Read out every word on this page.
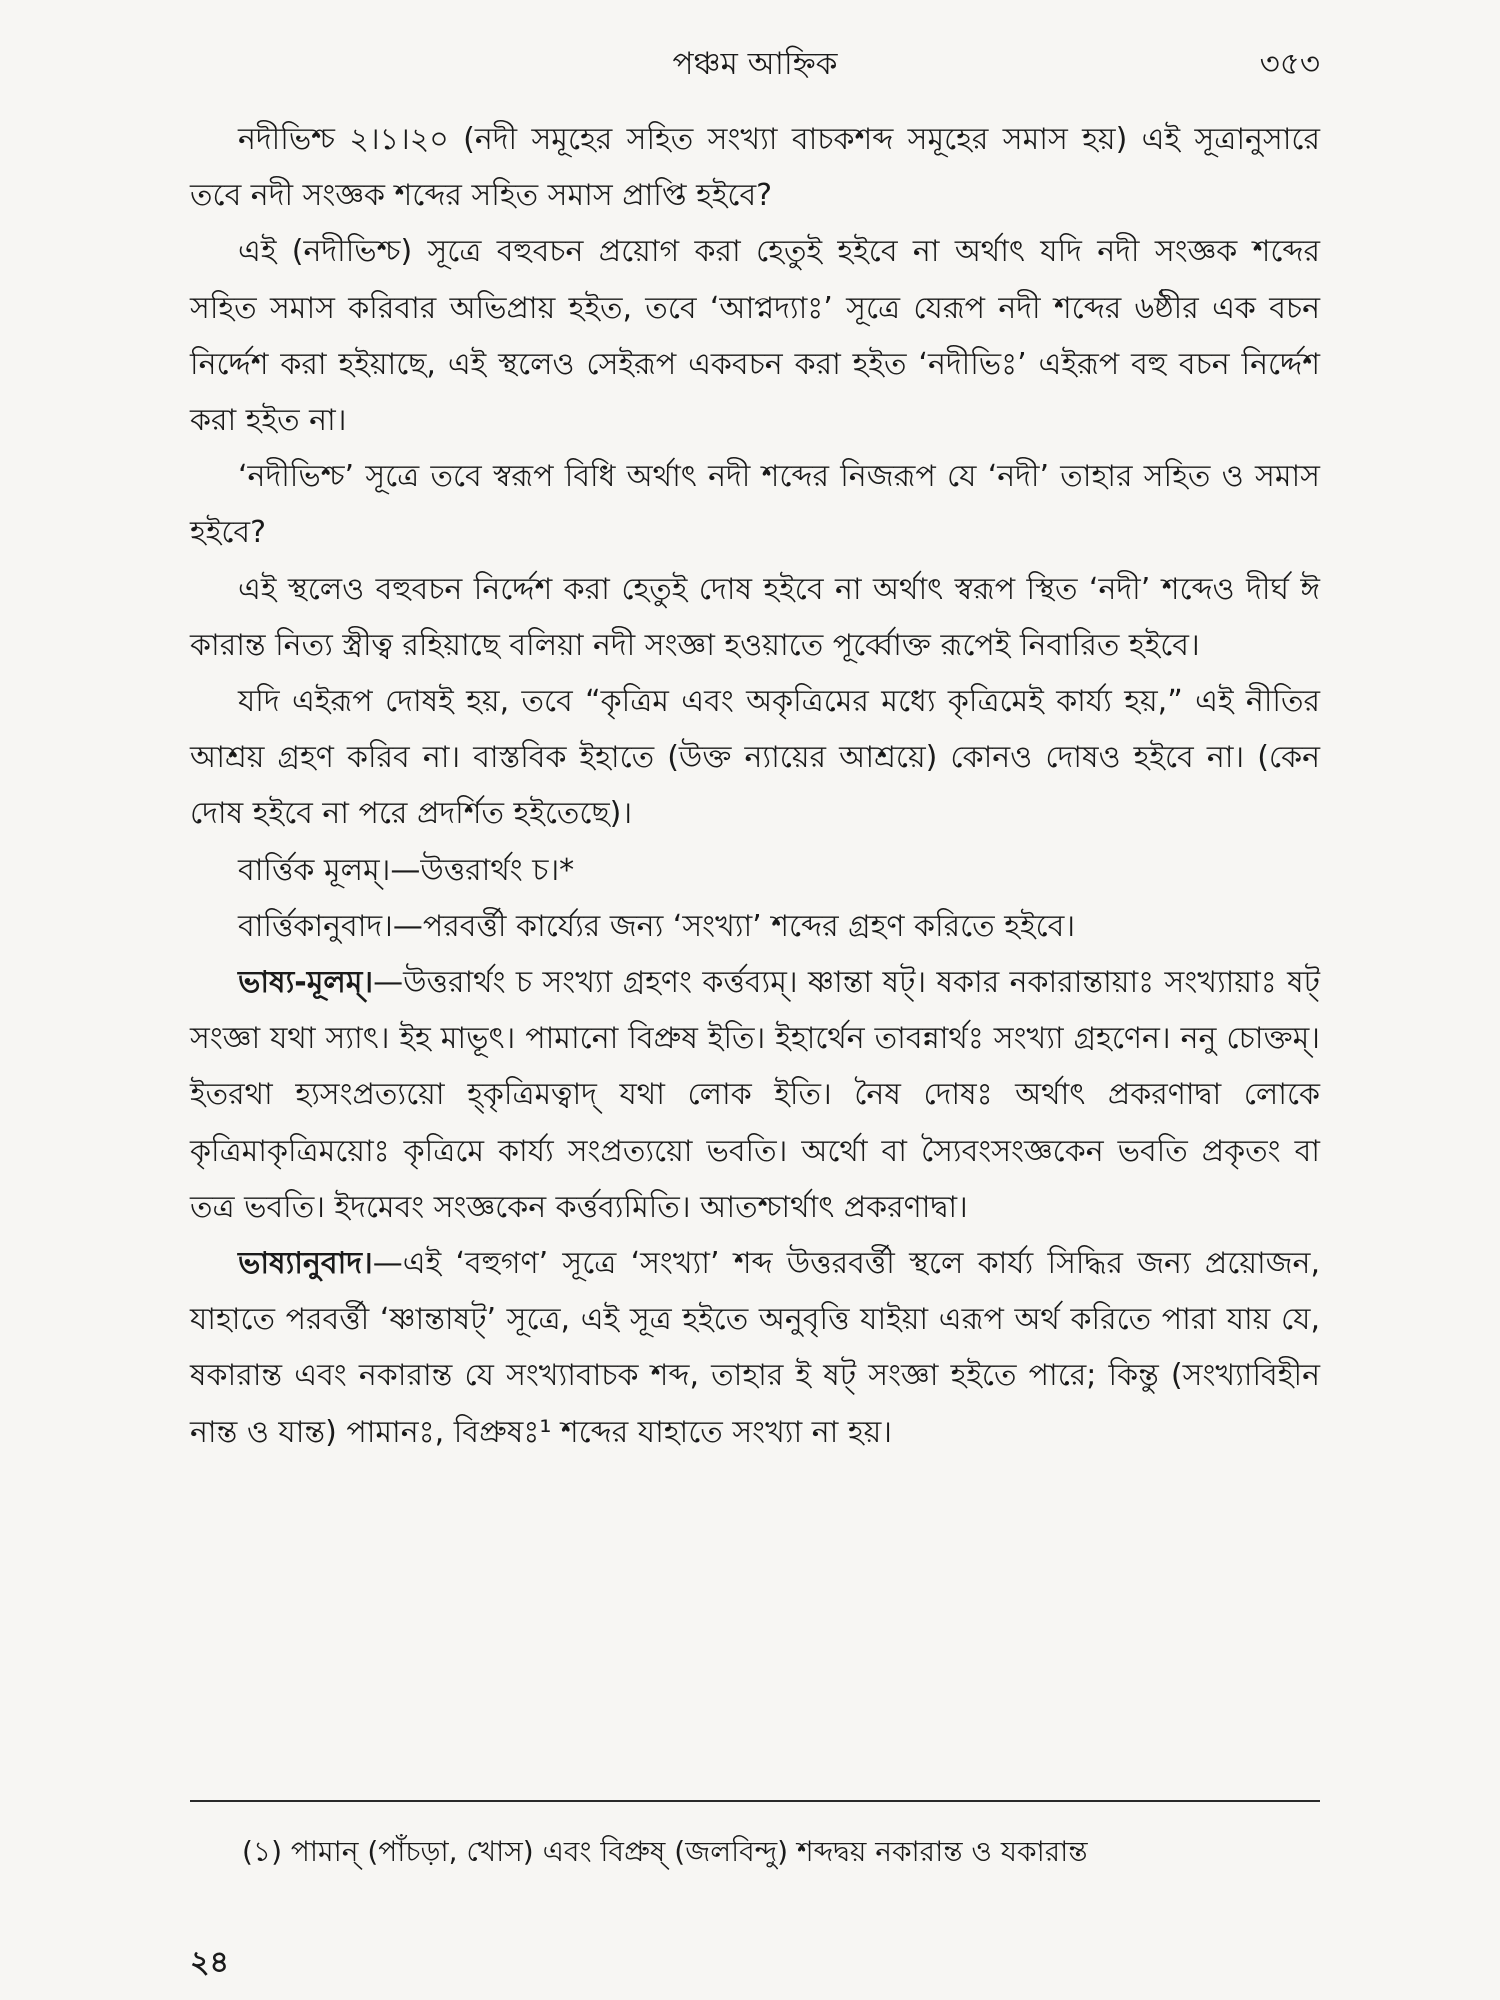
পঞ্চম আহ্নিক	৩৫৩

নদীভিশ্চ ২।১।২০ (নদী সমূহের সহিত সংখ্যা বাচকশব্দ সমূহের সমাস হয়) এই সূত্রানুসারে তবে নদী সংজ্ঞক শব্দের সহিত সমাস প্রাপ্তি হইবে?

এই (নদীভিশ্চ) সূত্রে বহুবচন প্রয়োগ করা হেতুই হইবে না অর্থাৎ যদি নদী সংজ্ঞক শব্দের সহিত সমাস করিবার অভিপ্রায় হইত, তবে ‘আপ্নদ্যাঃ’ সূত্রে যেরূপ নদী শব্দের ৬ষ্ঠীর এক বচন নির্দ্দেশ করা হইয়াছে, এই স্থলেও সেইরূপ একবচন করা হইত ‘নদীভিঃ’ এইরূপ বহু বচন নির্দ্দেশ করা হইত না।

‘নদীভিশ্চ’ সূত্রে তবে স্বরূপ বিধি অর্থাৎ নদী শব্দের নিজরূপ যে ‘নদী’ তাহার সহিত ও সমাস হইবে?

এই স্থলেও বহুবচন নির্দ্দেশ করা হেতুই দোষ হইবে না অর্থাৎ স্বরূপ স্থিত ‘নদী’ শব্দেও দীর্ঘ ঈ কারান্ত নিত্য স্ত্রীত্ব রহিয়াছে বলিয়া নদী সংজ্ঞা হওয়াতে পূর্ব্বোক্ত রূপেই নিবারিত হইবে।

যদি এইরূপ দোষই হয়, তবে “কৃত্রিম এবং অকৃত্রিমের মধ্যে কৃত্রিমেই কার্য্য হয়,” এই নীতির আশ্রয় গ্রহণ করিব না। বাস্তবিক ইহাতে (উক্ত ন্যায়ের আশ্রয়ে) কোনও দোষও হইবে না। (কেন দোষ হইবে না পরে প্রদর্শিত হইতেছে)।

বার্ত্তিক মূলম্।—উত্তরার্থং চ।*

বার্ত্তিকানুবাদ।—পরবর্ত্তী কার্য্যের জন্য ‘সংখ্যা’ শব্দের গ্রহণ করিতে হইবে।

ভাষ্য-মূলম্।—উত্তরার্থং চ সংখ্যা গ্রহণং কর্ত্তব্যম্। ষ্ণান্তা ষট্। ষকার নকারান্তায়াঃ সংখ্যায়াঃ ষট্ সংজ্ঞা যথা স্যাৎ। ইহ মাভূৎ। পামানো বিপ্রুষ ইতি। ইহার্থেন তাবন্নার্থঃ সংখ্যা গ্রহণেন। ননু চোক্তম্। ইতরথা হ্যসংপ্রত্যয়ো হ্কৃত্রিমত্বাদ্ যথা লোক ইতি। নৈষ দোষঃ অর্থাৎ প্রকরণাদ্বা লোকে কৃত্রিমাকৃত্রিময়োঃ কৃত্রিমে কার্য্য সংপ্রত্যয়ো ভবতি। অর্থো বা স্যৈবংসংজ্ঞকেন ভবতি প্রকৃতং বা তত্র ভবতি। ইদমেবং সংজ্ঞকেন কর্ত্তব্যমিতি। আতশ্চার্থাৎ প্রকরণাদ্বা।

ভাষ্যানুবাদ।—এই ‘বহুগণ’ সূত্রে ‘সংখ্যা’ শব্দ উত্তরবর্ত্তী স্থলে কার্য্য সিদ্ধির জন্য প্রয়োজন, যাহাতে পরবর্ত্তী ‘ষ্ণান্তাষট্’ সূত্রে, এই সূত্র হইতে অনুবৃত্তি যাইয়া এরূপ অর্থ করিতে পারা যায় যে, ষকারান্ত এবং নকারান্ত যে সংখ্যাবাচক শব্দ, তাহার ই ষট্ সংজ্ঞা হইতে পারে; কিন্তু (সংখ্যাবিহীন নান্ত ও যান্ত) পামানঃ, বিপ্রুষঃ¹ শব্দের যাহাতে সংখ্যা না হয়।

(১) পামান্ (পাঁচড়া, খোস) এবং বিপ্রুষ্ (জলবিন্দু) শব্দদ্বয় নকারান্ত ও যকারান্ত
২৪
